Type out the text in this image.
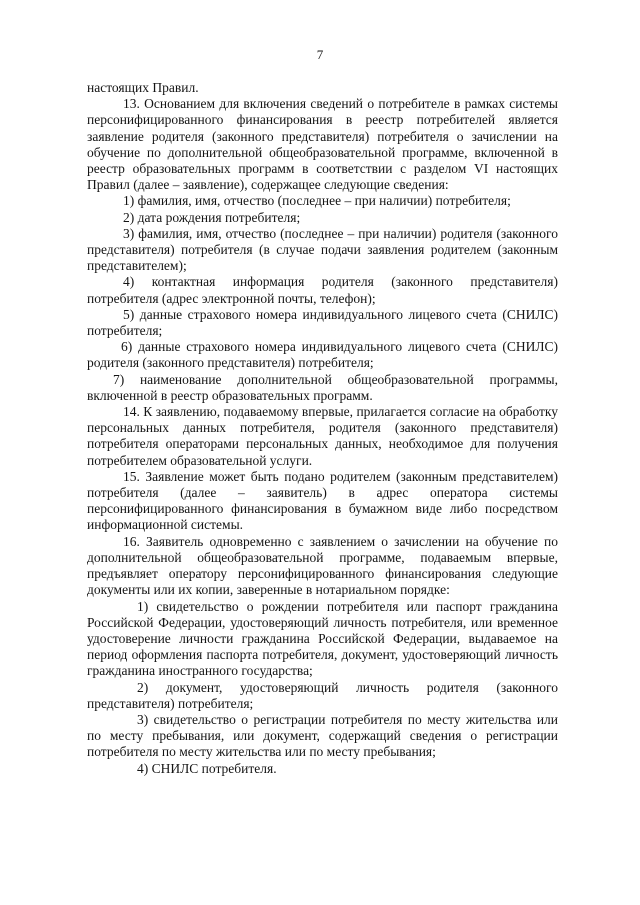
7

настоящих Правил.

13. Основанием для включения сведений о потребителе в рамках системы персонифицированного финансирования в реестр потребителей является заявление родителя (законного представителя) потребителя о зачислении на обучение по дополнительной общеобразовательной программе, включенной в реестр образовательных программ в соответствии с разделом VI настоящих Правил (далее – заявление), содержащее следующие сведения:

1) фамилия, имя, отчество (последнее – при наличии) потребителя;

2) дата рождения потребителя;

3) фамилия, имя, отчество (последнее – при наличии) родителя (законного представителя) потребителя (в случае подачи заявления родителем (законным представителем);

4) контактная информация родителя (законного представителя) потребителя (адрес электронной почты, телефон);

5) данные страхового номера индивидуального лицевого счета (СНИЛС) потребителя;

6) данные страхового номера индивидуального лицевого счета (СНИЛС) родителя (законного представителя) потребителя;

7) наименование дополнительной общеобразовательной программы, включенной в реестр образовательных программ.

14. К заявлению, подаваемому впервые, прилагается согласие на обработку персональных данных потребителя, родителя (законного представителя) потребителя операторами персональных данных, необходимое для получения потребителем образовательной услуги.

15. Заявление может быть подано родителем (законным представителем) потребителя (далее – заявитель) в адрес оператора системы персонифицированного финансирования в бумажном виде либо посредством информационной системы.

16. Заявитель одновременно с заявлением о зачислении на обучение по дополнительной общеобразовательной программе, подаваемым впервые, предъявляет оператору персонифицированного финансирования следующие документы или их копии, заверенные в нотариальном порядке:

1) свидетельство о рождении потребителя или паспорт гражданина Российской Федерации, удостоверяющий личность потребителя, или временное удостоверение личности гражданина Российской Федерации, выдаваемое на период оформления паспорта потребителя, документ, удостоверяющий личность гражданина иностранного государства;

2) документ, удостоверяющий личность родителя (законного представителя) потребителя;

3) свидетельство о регистрации потребителя по месту жительства или по месту пребывания, или документ, содержащий сведения о регистрации потребителя по месту жительства или по месту пребывания;

4) СНИЛС потребителя.
